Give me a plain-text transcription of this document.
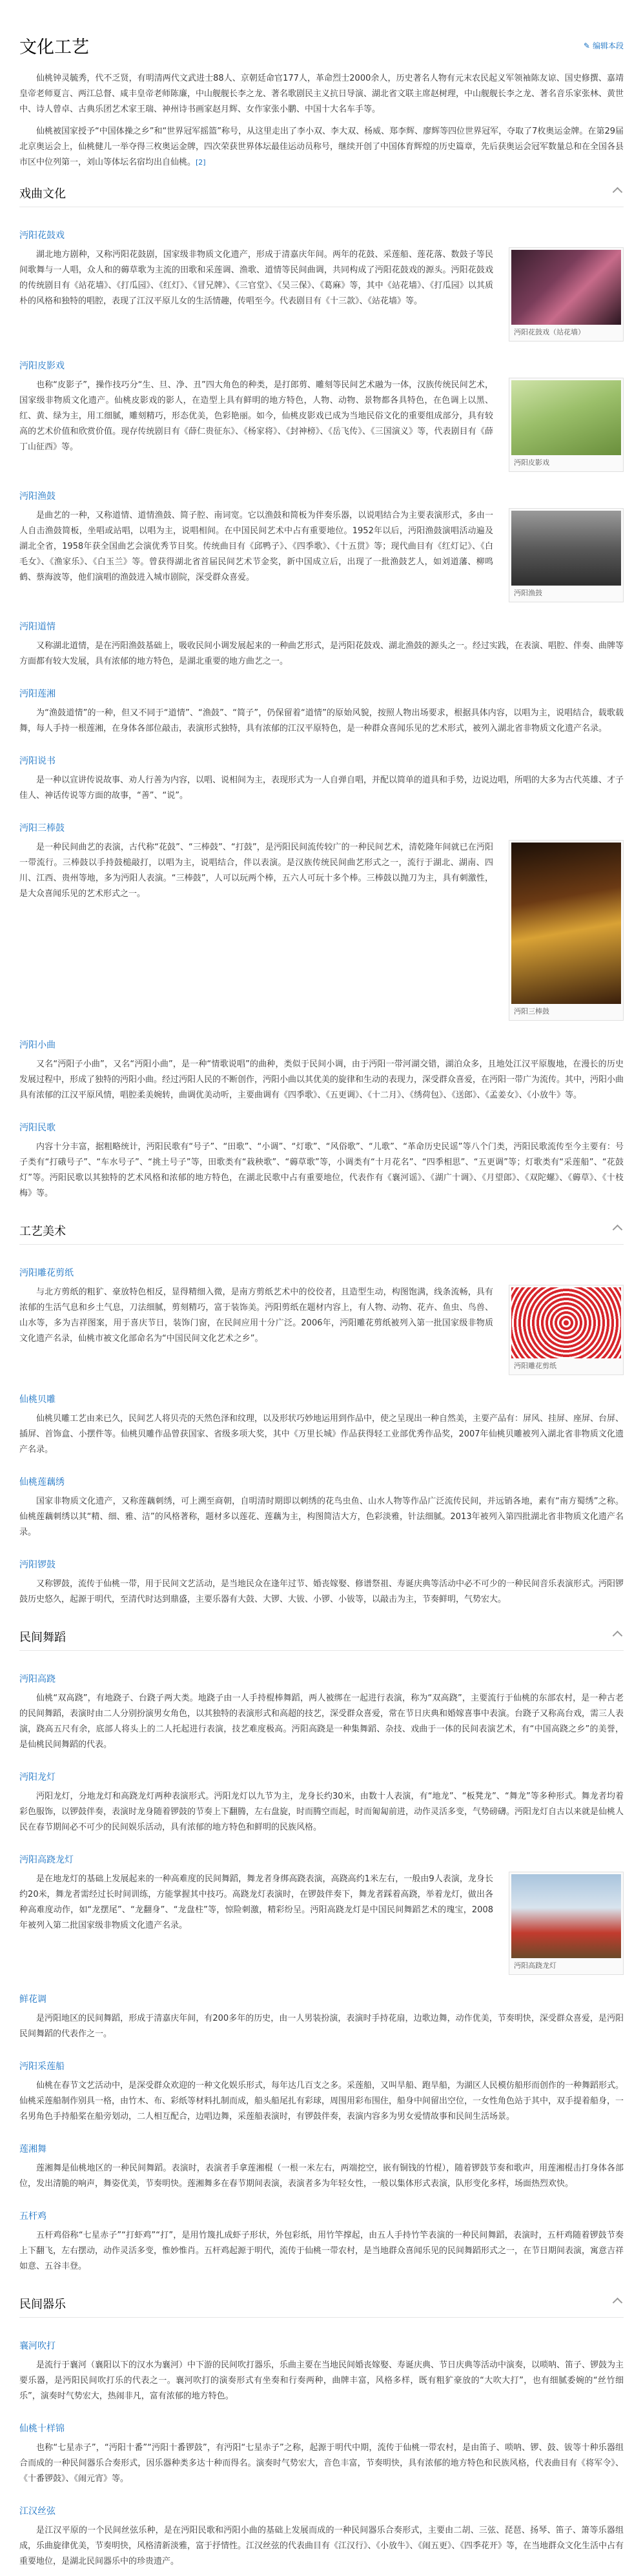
文化工艺	✎ 编辑本段

仙桃钟灵毓秀，代不乏贤，有明清两代文武进士88人、京朝廷命官177人，革命烈士2000余人，历史著名人物有元末农民起义军领袖陈友谅、国史修撰、嘉靖皇帝老师夏言、两江总督、咸丰皇帝老师陈廉，中山舰舰长李之龙、著名歌剧民主义抗日导演、湖北省文联主席赵树理，中山舰舰长李之龙、著名音乐家张林、黄世中、诗人曾卓、古典乐团艺术家王瑞、神州诗书画家赵月辉、女作家张小鹏、中国十大名车手等。

仙桃被国家授予“中国体操之乡”和“世界冠军摇篮”称号，从这里走出了李小双、李大双、杨威、郑李辉、廖辉等四位世界冠军，夺取了7枚奥运金牌。在第29届北京奥运会上，仙桃健儿一举夺得三枚奥运金牌，四次荣获世界体坛最佳运动员称号，继续开创了中国体育辉煌的历史篇章，先后获奥运会冠军数量总和在全国各县市区中位列第一，刘山等体坛名宿均出自仙桃。[2]

戏曲文化
沔阳花鼓戏
沔阳花鼓戏（站花墙）

湖北地方剧种，又称沔阳花鼓剧，国家级非物质文化遗产，形成于清嘉庆年间。两年的花鼓、采莲船、莲花落、数鼓子等民间歌舞与一人唱，众人和的薅草歌为主流的田歌和采莲调、渔歌、道情等民间曲调，共同构成了沔阳花鼓戏的源头。沔阳花鼓戏的传统剧目有《站花墙》、《打瓜园》、《红灯》、《冒兄牌》、《三官堂》、《吴三保》、《葛麻》等，其中《站花墙》、《打瓜园》以其质朴的风格和独特的唱腔，表现了江汉平原儿女的生活情趣，传唱至今。代表剧目有《十三款》、《站花墙》等。

沔阳皮影戏
沔阳皮影戏

也称“皮影子”，操作技巧分“生、旦、净、丑”四大角色的种类，是打郎剪、雕刻等民间艺术融为一体，汉族传统民间艺术，国家级非物质文化遗产。仙桃皮影戏的影人，在造型上具有鲜明的地方特色，人物、动物、景物都各具特色，在色调上以黑、红、黄、绿为主，用工细腻，雕刻精巧，形态优美，色彩艳丽。如今，仙桃皮影戏已成为当地民俗文化的重要组成部分，具有较高的艺术价值和欣赏价值。现存传统剧目有《薛仁贵征东》、《杨家将》、《封神榜》、《岳飞传》、《三国演义》等，代表剧目有《薛丁山征西》等。

沔阳渔鼓
沔阳渔鼓

是曲艺的一种，又称道情、道情渔鼓、简子腔、南词宽。它以渔鼓和简板为伴奏乐器，以说唱结合为主要表演形式，多由一人自击渔鼓简板，坐唱或站唱，以唱为主，说唱相间。在中国民间艺术中占有重要地位。1952年以后，沔阳渔鼓演唱活动遍及湖北全省，1958年获全国曲艺会演优秀节目奖。传统曲目有《邱鸭子》、《四季歌》、《十五贯》等；现代曲目有《红灯记》、《白毛女》、《渔家乐》、《白玉兰》等。曾获得湖北省首届民间艺术节金奖，新中国成立后，出现了一批渔鼓艺人，如刘道藩、柳鸣鹤、蔡海波等，他们演唱的渔鼓进入城市剧院，深受群众喜爱。

沔阳道情

又称湖北道情，是在沔阳渔鼓基础上，吸收民间小调发展起来的一种曲艺形式，是沔阳花鼓戏、湖北渔鼓的源头之一。经过实践，在表演、唱腔、伴奏、曲牌等方面都有较大发展，具有浓郁的地方特色，是湖北重要的地方曲艺之一。

沔阳莲湘

为“渔鼓道情”的一种，但又不同于“道情”、“渔鼓”、“简子”，仍保留着“道情”的原始风貌，按照人物出场要求，根据具体内容，以唱为主，说唱结合，载歌载舞，每人手持一根莲湘，在身体各部位敲击，表演形式独特，具有浓郁的江汉平原特色，是一种群众喜闻乐见的艺术形式，被列入湖北省非物质文化遗产名录。

沔阳说书

是一种以宣讲传说故事、劝人行善为内容，以唱、说相间为主，表现形式为一人自弹自唱，并配以简单的道具和手势，边说边唱，所唱的大多为古代英雄、才子佳人、神话传说等方面的故事，“善”、“说”。

沔阳三棒鼓
沔阳三棒鼓

是一种民间曲艺的表演，古代称“花鼓”、“三棒鼓”、“打鼓”，是沔阳民间流传较广的一种民间艺术，清乾隆年间就已在沔阳一带流行。三棒鼓以手持鼓槌敲打，以唱为主，说唱结合，伴以表演。是汉族传统民间曲艺形式之一，流行于湖北、湖南、四川、江西、贵州等地，多为沔阳人表演。“三棒鼓”，人可以玩两个棒，五六人可玩十多个棒。三棒鼓以抛刀为主，具有刺激性，是大众喜闻乐见的艺术形式之一。

沔阳小曲

又名“沔阳子小曲”，又名“沔阳小曲”，是一种“情歌说唱”的曲种，类似于民间小调，由于沔阳一带河湖交错，湖泊众多，且地处江汉平原腹地，在漫长的历史发展过程中，形成了独特的沔阳小曲。经过沔阳人民的不断创作，沔阳小曲以其优美的旋律和生动的表现力，深受群众喜爱，在沔阳一带广为流传。其中，沔阳小曲具有浓郁的江汉平原风情，唱腔柔美婉转，曲调优美动听，主要曲调有《四季歌》、《五更调》、《十二月》、《绣荷包》、《送郎》、《孟姜女》、《小放牛》等。

沔阳民歌

内容十分丰富，据粗略统计，沔阳民歌有“号子”、“田歌”、“小调”、“灯歌”、“风俗歌”、“儿歌”、“革命历史民谣”等八个门类，沔阳民歌流传至今主要有：号子类有“打硪号子”、“车水号子”、“挑土号子”等，田歌类有“栽秧歌”、“薅草歌”等，小调类有“十月花名”、“四季相思”、“五更调”等；灯歌类有“采莲船”、“花鼓灯”等。沔阳民歌以其独特的艺术风格和浓郁的地方特色，在湖北民歌中占有重要地位，代表作有《襄河谣》、《湖广十调》、《月望郎》、《双陀螺》、《薅草》、《十枝梅》等。

工艺美术
沔阳雕花剪纸
沔阳雕花剪纸

与北方剪纸的粗犷、豪放特色相反，显得精细入微，是南方剪纸艺术中的佼佼者，且造型生动，构图饱满，线条流畅，具有浓郁的生活气息和乡土气息，刀法细腻，剪刻精巧，富于装饰美。沔阳剪纸在题材内容上，有人物、动物、花卉、鱼虫、鸟兽、山水等，多为吉祥图案，用于喜庆节日，装饰门窗，在民间应用十分广泛。2006年，沔阳雕花剪纸被列入第一批国家级非物质文化遗产名录，仙桃市被文化部命名为“中国民间文化艺术之乡”。

仙桃贝雕

仙桃贝雕工艺由来已久，民间艺人将贝壳的天然色泽和纹理，以及形状巧妙地运用到作品中，使之呈现出一种自然美，主要产品有：屏风、挂屏、座屏、台屏、插屏、首饰盒、小摆件等。仙桃贝雕作品曾获国家、省级多项大奖，其中《万里长城》作品获得轻工业部优秀作品奖，2007年仙桃贝雕被列入湖北省非物质文化遗产名录。

仙桃莲藕绣

国家非物质文化遗产，又称莲藕刺绣，可上溯至商朝，自明清时期即以刺绣的花鸟虫鱼、山水人物等作品广泛流传民间，并远销各地，素有“南方蜀绣”之称。仙桃莲藕刺绣以其“精、细、雅、洁”的风格著称，题材多以莲花、莲藕为主，构图简洁大方，色彩淡雅，针法细腻。2013年被列入第四批湖北省非物质文化遗产名录。

沔阳锣鼓

又称锣鼓，流传于仙桃一带，用于民间文艺活动，是当地民众在逢年过节、婚丧嫁娶、修谱祭祖、寿诞庆典等活动中必不可少的一种民间音乐表演形式。沔阳锣鼓历史悠久，起源于明代，至清代时达到鼎盛，主要乐器有大鼓、大锣、大钹、小锣、小钹等，以敲击为主，节奏鲜明，气势宏大。

民间舞蹈
沔阳高跷

仙桃“双高跷”，有地跷子、台跷子两大类。地跷子由一人手持棍棒舞蹈，两人被绑在一起进行表演，称为“双高跷”，主要流行于仙桃的东部农村，是一种古老的民间舞蹈，表演时由二人分别扮演男女角色，以其独特的表演形式和高超的技艺，深受群众喜爱，常在节日庆典和婚嫁喜事中表演。台跷子又称高台戏，需三人表演，跷高五尺有余，底部人将头上的二人托起进行表演，技艺难度极高。沔阳高跷是一种集舞蹈、杂技、戏曲于一体的民间表演艺术，有“中国高跷之乡”的美誉，是仙桃民间舞蹈的代表。

沔阳龙灯

沔阳龙灯，分地龙灯和高跷龙灯两种表演形式。沔阳龙灯以九节为主，龙身长约30米，由数十人表演，有“地龙”、“板凳龙”、“舞龙”等多种形式。舞龙者均着彩色服饰，以锣鼓伴奏，表演时龙身随着锣鼓的节奏上下翻腾，左右盘旋，时而腾空而起，时而匍匐前进，动作灵活多变，气势磅礴。沔阳龙灯自古以来就是仙桃人民在春节期间必不可少的民间娱乐活动，具有浓郁的地方特色和鲜明的民族风格。

沔阳高跷龙灯
沔阳高跷龙灯

是在地龙灯的基础上发展起来的一种高难度的民间舞蹈，舞龙者身绑高跷表演，高跷高约1米左右，一般由9人表演，龙身长约20米，舞龙者需经过长时间训练，方能掌握其中技巧。高跷龙灯表演时，在锣鼓伴奏下，舞龙者踩着高跷，举着龙灯，做出各种高难度动作，如“龙摆尾”、“龙翻身”、“龙盘柱”等，惊险刺激，精彩纷呈。沔阳高跷龙灯是中国民间舞蹈艺术的瑰宝，2008年被列入第二批国家级非物质文化遗产名录。

鲜花调

是沔阳地区的民间舞蹈，形成于清嘉庆年间，有200多年的历史，由一人男装扮演，表演时手持花扇，边歌边舞，动作优美，节奏明快，深受群众喜爱，是沔阳民间舞蹈的代表作之一。

沔阳采莲船

仙桃在春节文艺活动中，是深受群众欢迎的一种文化娱乐形式，每年达几百支之多。采莲船，又叫旱船、跑旱船，为湖区人民模仿船形而创作的一种舞蹈形式。仙桃采莲船制作别具一格，由竹木、布、彩纸等材料扎制而成，船头船尾扎有彩球，周围用彩布围住，船身中间留出空位，一女性角色站于其中，双手提着船身，一名男角色手持船桨在船旁划动，二人相互配合，边唱边舞，采莲船表演时，有锣鼓伴奏，表演内容多为男女爱情故事和民间生活场景。

莲湘舞

莲湘舞是仙桃地区的一种民间舞蹈。表演时，表演者手拿莲湘棍（一根一米左右，两端挖空，嵌有铜钱的竹棍），随着锣鼓节奏和歌声，用莲湘棍击打身体各部位，发出清脆的响声，舞姿优美，节奏明快。莲湘舞多在春节期间表演，表演者多为年轻女性，一般以集体形式表演，队形变化多样，场面热烈欢快。

五杆鸡

五杆鸡俗称“七星赤子”“打虾鸡”“打”，是用竹篾扎成虾子形状，外包彩纸，用竹竿撑起，由五人手持竹竿表演的一种民间舞蹈，表演时，五杆鸡随着锣鼓节奏上下翻飞，左右摆动，动作灵活多变，惟妙惟肖。五杆鸡起源于明代，流传于仙桃一带农村，是当地群众喜闻乐见的民间舞蹈形式之一，在节日期间表演，寓意吉祥如意、五谷丰登。

民间器乐
襄河吹打

是流行于襄河（襄阳以下的汉水为襄河）中下游的民间吹打器乐，乐曲主要在当地民间婚丧嫁娶、寿诞庆典、节日庆典等活动中演奏，以唢呐、笛子、锣鼓为主要乐器，是沔阳民间吹打乐的代表之一。襄河吹打的演奏形式有坐奏和行奏两种，曲牌丰富，风格多样，既有粗犷豪放的“大吹大打”，也有细腻委婉的“丝竹细乐”，演奏时气势宏大，热闹非凡，富有浓郁的地方特色。

仙桃十样锦

也称“七星赤子”，“沔阳十番”“沔阳十番锣鼓”，有沔阳“七星赤子”之称，起源于明代中期，流传于仙桃一带农村，是由笛子、唢呐、锣、鼓、钹等十种乐器组合而成的一种民间器乐合奏形式，因乐器种类多达十种而得名。演奏时气势宏大，音色丰富，节奏明快，具有浓郁的地方特色和民族风格，代表曲目有《将军令》、《十番锣鼓》、《闹元宵》等。

江汉丝弦

是江汉平原的一个民间丝弦乐种，是在沔阳民歌和沔阳小曲的基础上发展而成的一种民间器乐合奏形式，主要由二胡、三弦、琵琶、扬琴、笛子、箫等乐器组成，乐曲旋律优美，节奏明快，风格清新淡雅，富于抒情性。江汉丝弦的代表曲目有《江汉行》、《小放牛》、《闹五更》、《四季花开》等，在当地群众文化生活中占有重要地位，是湖北民间器乐中的珍贵遗产。
